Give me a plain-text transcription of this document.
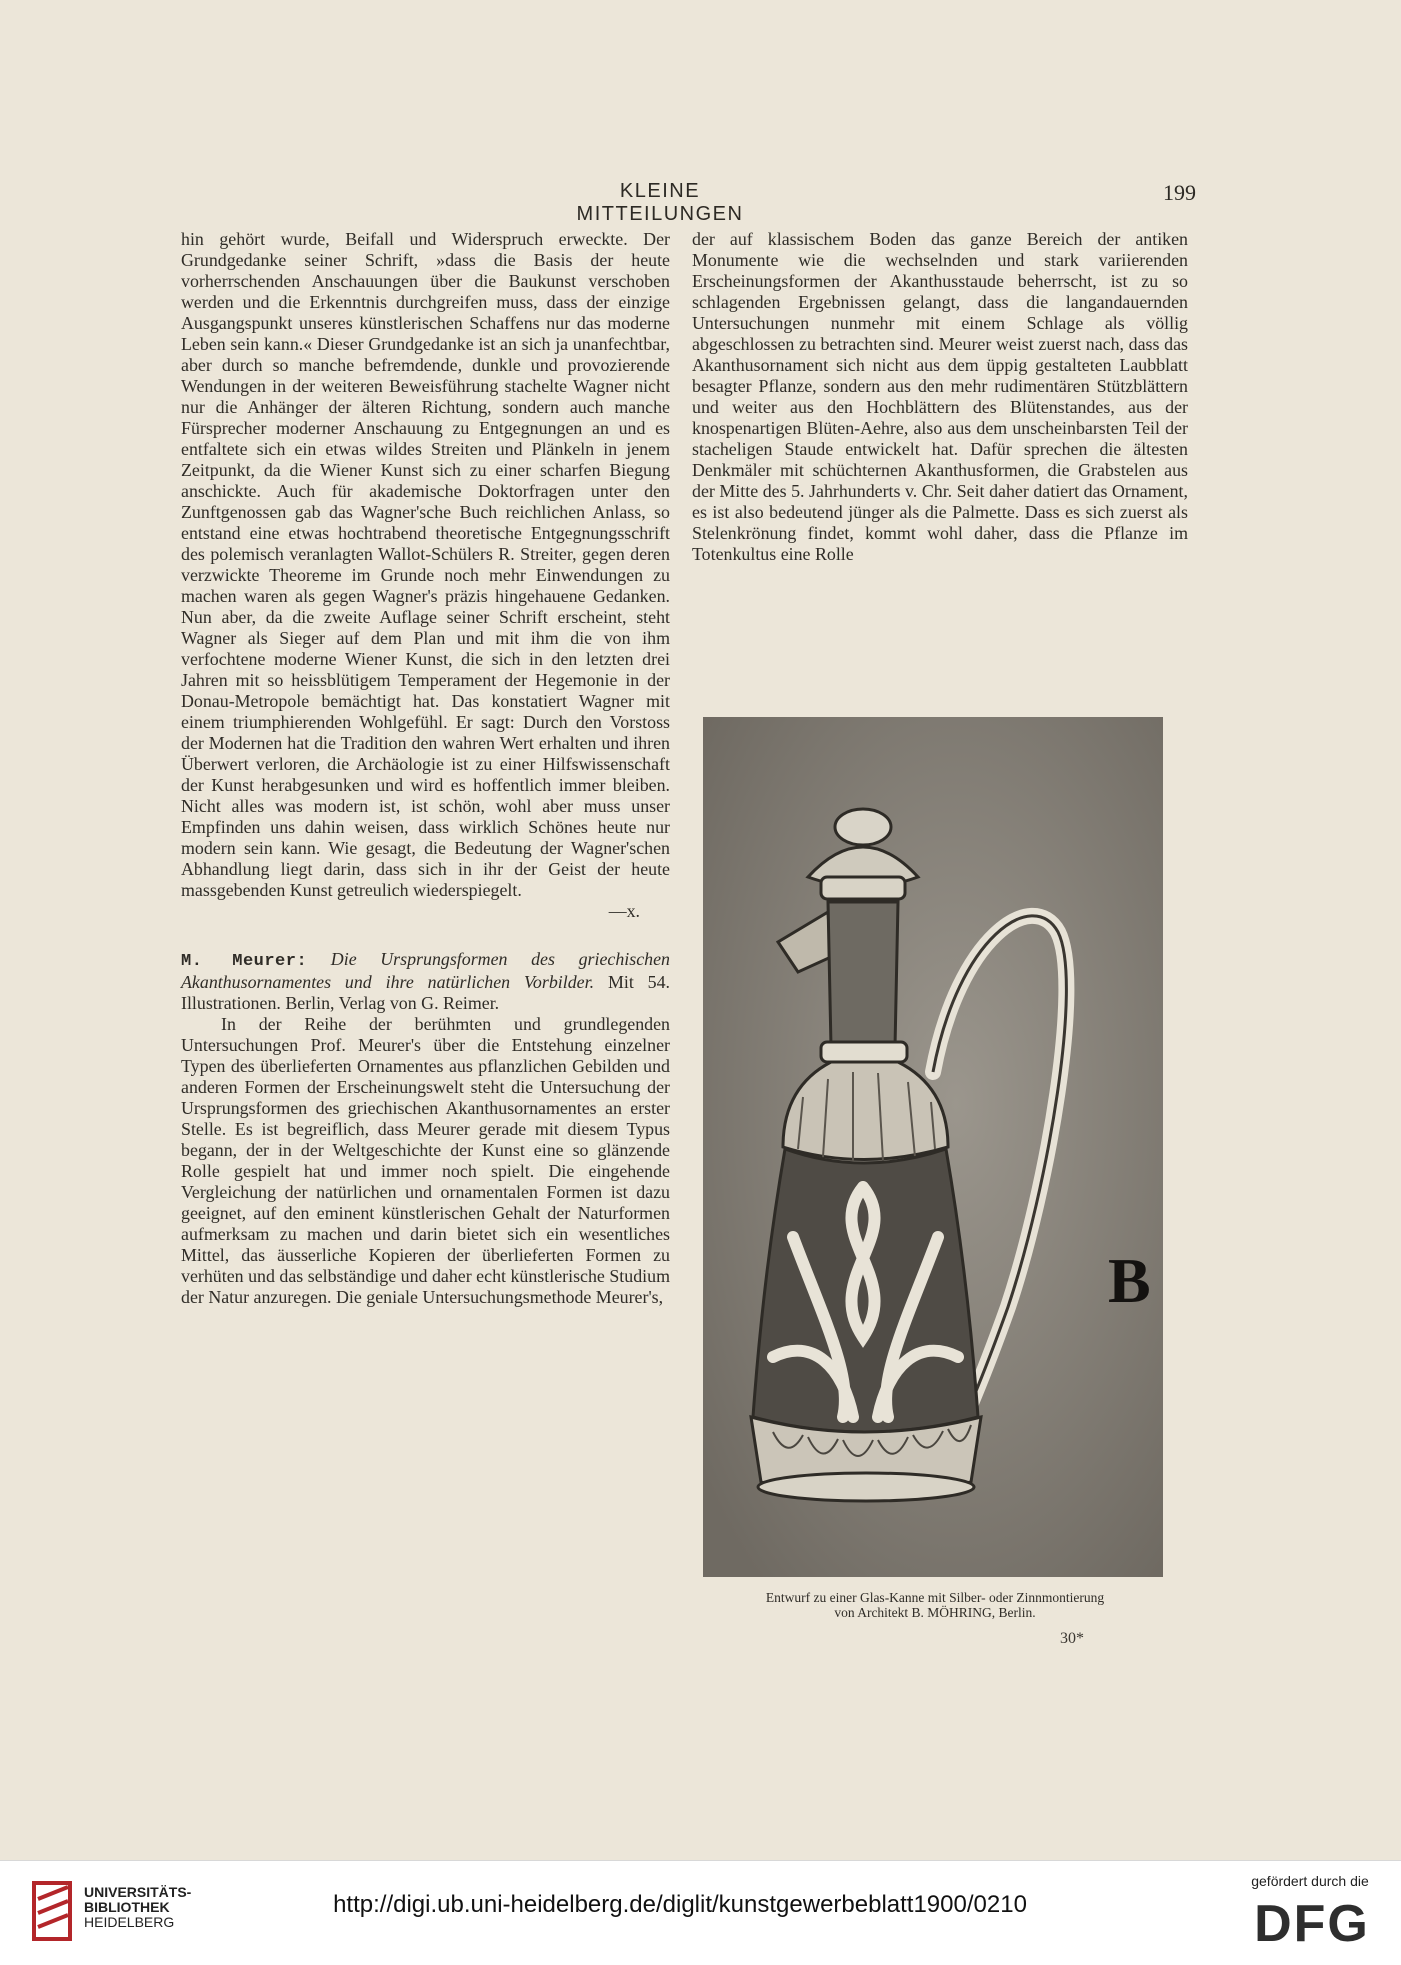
KLEINE MITTEILUNGEN
199

hin gehört wurde, Beifall und Widerspruch erweckte. Der Grundgedanke seiner Schrift, »dass die Basis der heute vorherrschenden Anschauungen über die Baukunst verschoben werden und die Erkenntnis durchgreifen muss, dass der einzige Ausgangspunkt unseres künstlerischen Schaffens nur das moderne Leben sein kann.« Dieser Grundgedanke ist an sich ja unanfechtbar, aber durch so manche befremdende, dunkle und provozierende Wendungen in der weiteren Beweisführung stachelte Wagner nicht nur die Anhänger der älteren Richtung, sondern auch manche Fürsprecher moderner Anschauung zu Entgegnungen an und es entfaltete sich ein etwas wildes Streiten und Plänkeln in jenem Zeitpunkt, da die Wiener Kunst sich zu einer scharfen Biegung anschickte. Auch für akademische Doktorfragen unter den Zunftgenossen gab das Wagner'sche Buch reichlichen Anlass, so entstand eine etwas hochtrabend theoretische Entgegnungsschrift des polemisch veranlagten Wallot-Schülers R. Streiter, gegen deren verzwickte Theoreme im Grunde noch mehr Einwendungen zu machen waren als gegen Wagner's präzis hingehauene Gedanken. Nun aber, da die zweite Auflage seiner Schrift erscheint, steht Wagner als Sieger auf dem Plan und mit ihm die von ihm verfochtene moderne Wiener Kunst, die sich in den letzten drei Jahren mit so heissblütigem Temperament der Hegemonie in der Donau-Metropole bemächtigt hat. Das konstatiert Wagner mit einem triumphierenden Wohlgefühl. Er sagt: Durch den Vorstoss der Modernen hat die Tradition den wahren Wert erhalten und ihren Überwert verloren, die Archäologie ist zu einer Hilfswissenschaft der Kunst herabgesunken und wird es hoffentlich immer bleiben. Nicht alles was modern ist, ist schön, wohl aber muss unser Empfinden uns dahin weisen, dass wirklich Schönes heute nur modern sein kann. Wie gesagt, die Bedeutung der Wagner'schen Abhandlung liegt darin, dass sich in ihr der Geist der heute massgebenden Kunst getreulich wiederspiegelt.

—x.

M. Meurer: Die Ursprungsformen des griechischen Akanthusornamentes und ihre natürlichen Vorbilder. Mit 54. Illustrationen. Berlin, Verlag von G. Reimer.

In der Reihe der berühmten und grundlegenden Untersuchungen Prof. Meurer's über die Entstehung einzelner Typen des überlieferten Ornamentes aus pflanzlichen Gebilden und anderen Formen der Erscheinungswelt steht die Untersuchung der Ursprungsformen des griechischen Akanthusornamentes an erster Stelle. Es ist begreiflich, dass Meurer gerade mit diesem Typus begann, der in der Weltgeschichte der Kunst eine so glänzende Rolle gespielt hat und immer noch spielt. Die eingehende Vergleichung der natürlichen und ornamentalen Formen ist dazu geeignet, auf den eminent künstlerischen Gehalt der Naturformen aufmerksam zu machen und darin bietet sich ein wesentliches Mittel, das äusserliche Kopieren der überlieferten Formen zu verhüten und das selbständige und daher echt künstlerische Studium der Natur anzuregen. Die geniale Untersuchungsmethode Meurer's,

der auf klassischem Boden das ganze Bereich der antiken Monumente wie die wechselnden und stark variierenden Erscheinungsformen der Akanthusstaude beherrscht, ist zu so schlagenden Ergebnissen gelangt, dass die langandauernden Untersuchungen nunmehr mit einem Schlage als völlig abgeschlossen zu betrachten sind. Meurer weist zuerst nach, dass das Akanthusornament sich nicht aus dem üppig gestalteten Laubblatt besagter Pflanze, sondern aus den mehr rudimentären Stützblättern und weiter aus den Hochblättern des Blütenstandes, aus der knospenartigen Blüten-Aehre, also aus dem unscheinbarsten Teil der stacheligen Staude entwickelt hat. Dafür sprechen die ältesten Denkmäler mit schüchternen Akanthusformen, die Grabstelen aus der Mitte des 5. Jahrhunderts v. Chr. Seit daher datiert das Ornament, es ist also bedeutend jünger als die Palmette. Dass es sich zuerst als Stelenkrönung findet, kommt wohl daher, dass die Pflanze im Totenkultus eine Rolle

B
Entwurf zu einer Glas-Kanne mit Silber- oder Zinnmontierung
von Architekt B. MÖHRING, Berlin.
30*
UNIVERSITÄTS-
BIBLIOTHEK
HEIDELBERG
http://digi.ub.uni-heidelberg.de/diglit/kunstgewerbeblatt1900/0210
gefördert durch die
DFG
